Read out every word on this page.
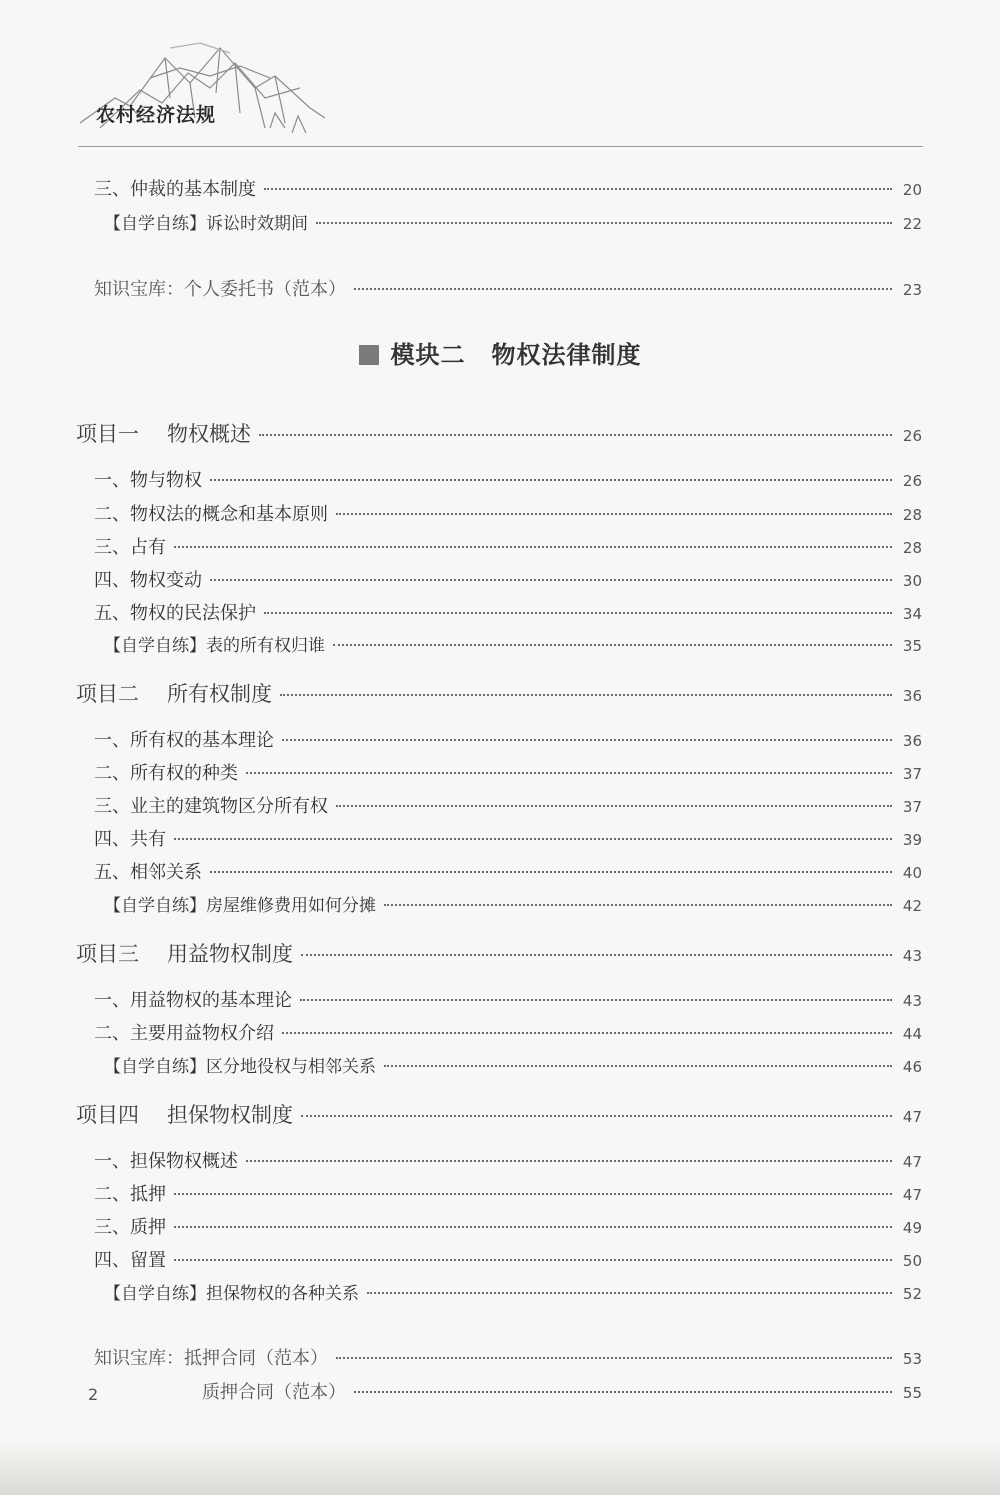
农村经济法规
三、仲裁的基本制度	20
【自学自练】诉讼时效期间	22
知识宝库：个人委托书（范本）	23
模块二 物权法律制度
项目一 物权概述	26
一、物与物权	26
二、物权法的概念和基本原则	28
三、占有	28
四、物权变动	30
五、物权的民法保护	34
【自学自练】表的所有权归谁	35
项目二 所有权制度	36
一、所有权的基本理论	36
二、所有权的种类	37
三、业主的建筑物区分所有权	37
四、共有	39
五、相邻关系	40
【自学自练】房屋维修费用如何分摊	42
项目三 用益物权制度	43
一、用益物权的基本理论	43
二、主要用益物权介绍	44
【自学自练】区分地役权与相邻关系	46
项目四 担保物权制度	47
一、担保物权概述	47
二、抵押	47
三、质押	49
四、留置	50
【自学自练】担保物权的各种关系	52
知识宝库：抵押合同（范本）	53
质押合同（范本）	55
2
